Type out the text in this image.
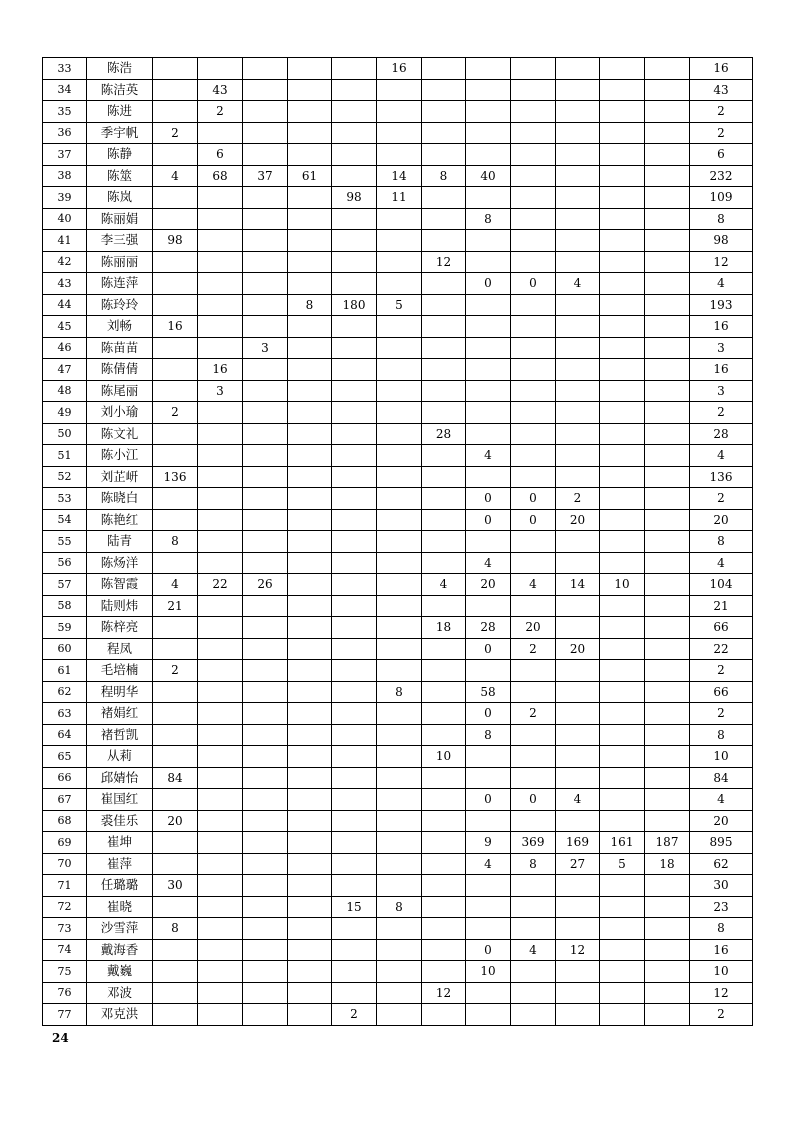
33	陈浩						16							16
34	陈洁英		43											43
35	陈进		2											2
36	季宇帆	2												2
37	陈静		6											6
38	陈筮	4	68	37	61		14	8	40					232
39	陈岚					98	11							109
40	陈丽娟								8					8
41	李三强	98												98
42	陈丽丽							12						12
43	陈连萍								0	0	4			4
44	陈玲玲				8	180	5							193
45	刘畅	16												16
46	陈苗苗			3										3
47	陈倩倩		16											16
48	陈尾丽		3											3
49	刘小瑜	2												2
50	陈文礼							28						28
51	陈小江								4					4
52	刘芷岍	136												136
53	陈晓白								0	0	2			2
54	陈艳红								0	0	20			20
55	陆青	8												8
56	陈炀洋								4					4
57	陈智霞	4	22	26				4	20	4	14	10		104
58	陆则炜	21												21
59	陈梓亮							18	28	20				66
60	程凤								0	2	20			22
61	毛培楠	2												2
62	程明华						8		58					66
63	褚娟红								0	2				2
64	褚哲凯								8					8
65	从莉							10						10
66	邱婧怡	84												84
67	崔国红								0	0	4			4
68	裘佳乐	20												20
69	崔坤								9	369	169	161	187	895
70	崔萍								4	8	27	5	18	62
71	任璐璐	30												30
72	崔晓					15	8							23
73	沙雪萍	8												8
74	戴海香								0	4	12			16
75	戴巍								10					10
76	邓波							12						12
77	邓克洪					2								2
24
